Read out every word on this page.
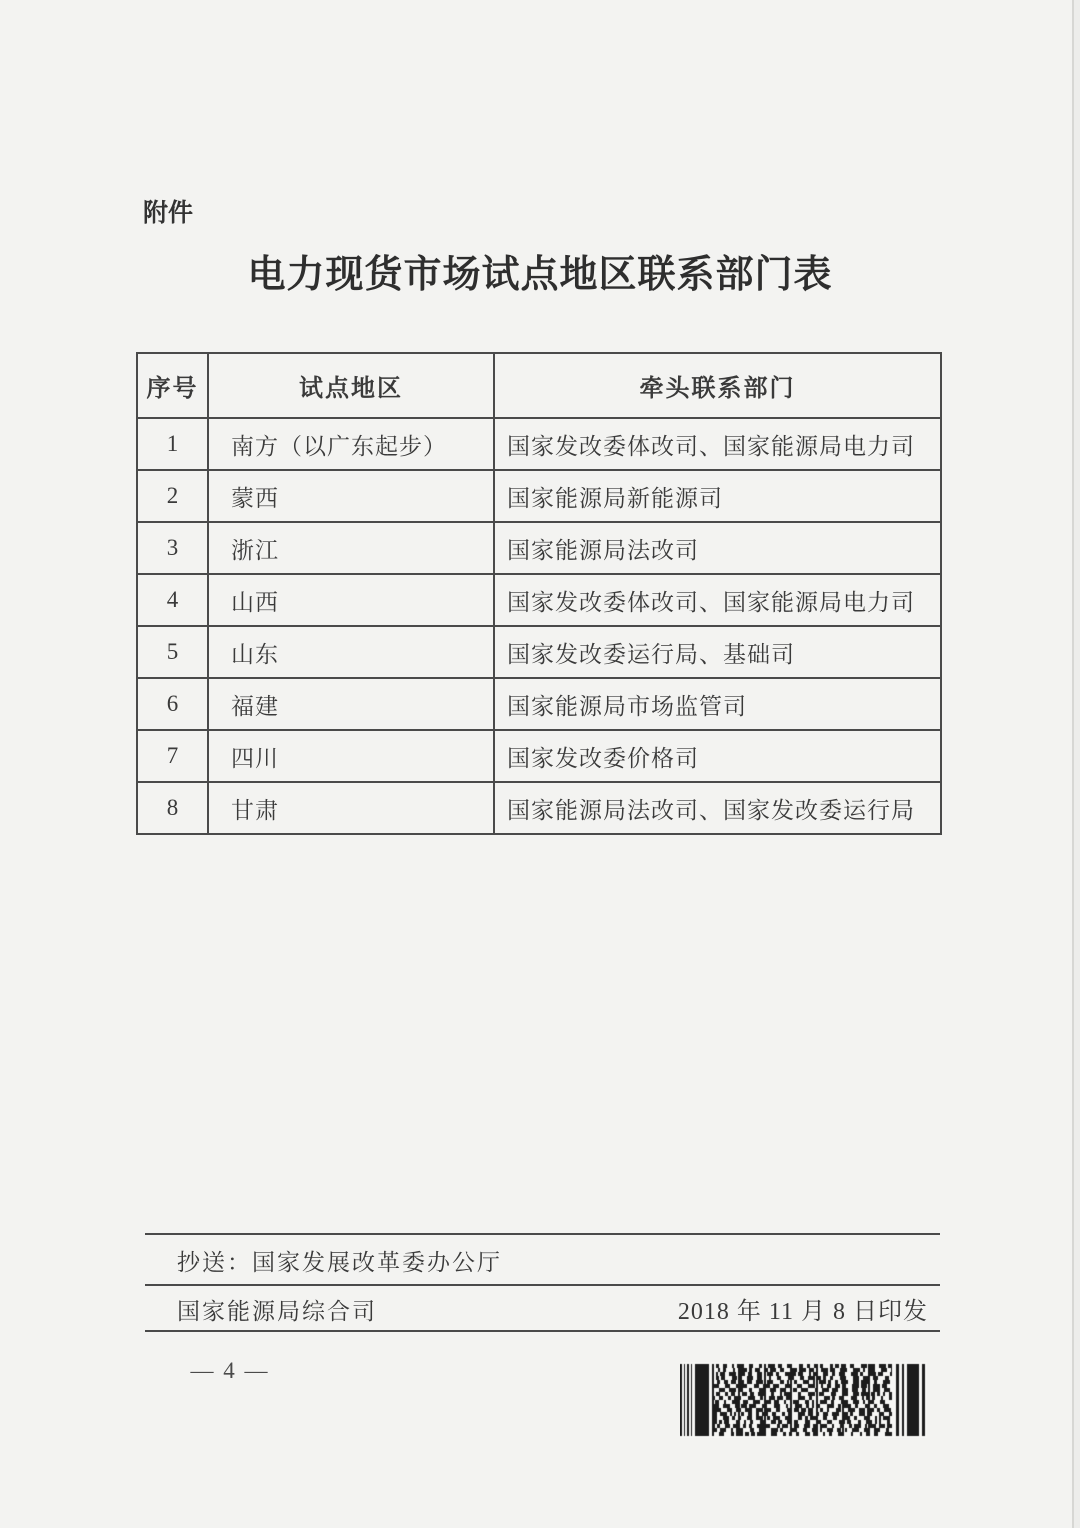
附件
电力现货市场试点地区联系部门表
序号	试点地区	牵头联系部门
1	南方（以广东起步）	国家发改委体改司、国家能源局电力司
2	蒙西	国家能源局新能源司
3	浙江	国家能源局法改司
4	山西	国家发改委体改司、国家能源局电力司
5	山东	国家发改委运行局、基础司
6	福建	国家能源局市场监管司
7	四川	国家发改委价格司
8	甘肃	国家能源局法改司、国家发改委运行局
抄送：国家发展改革委办公厅
国家能源局综合司	2018 年 11 月 8 日印发
— 4 —
